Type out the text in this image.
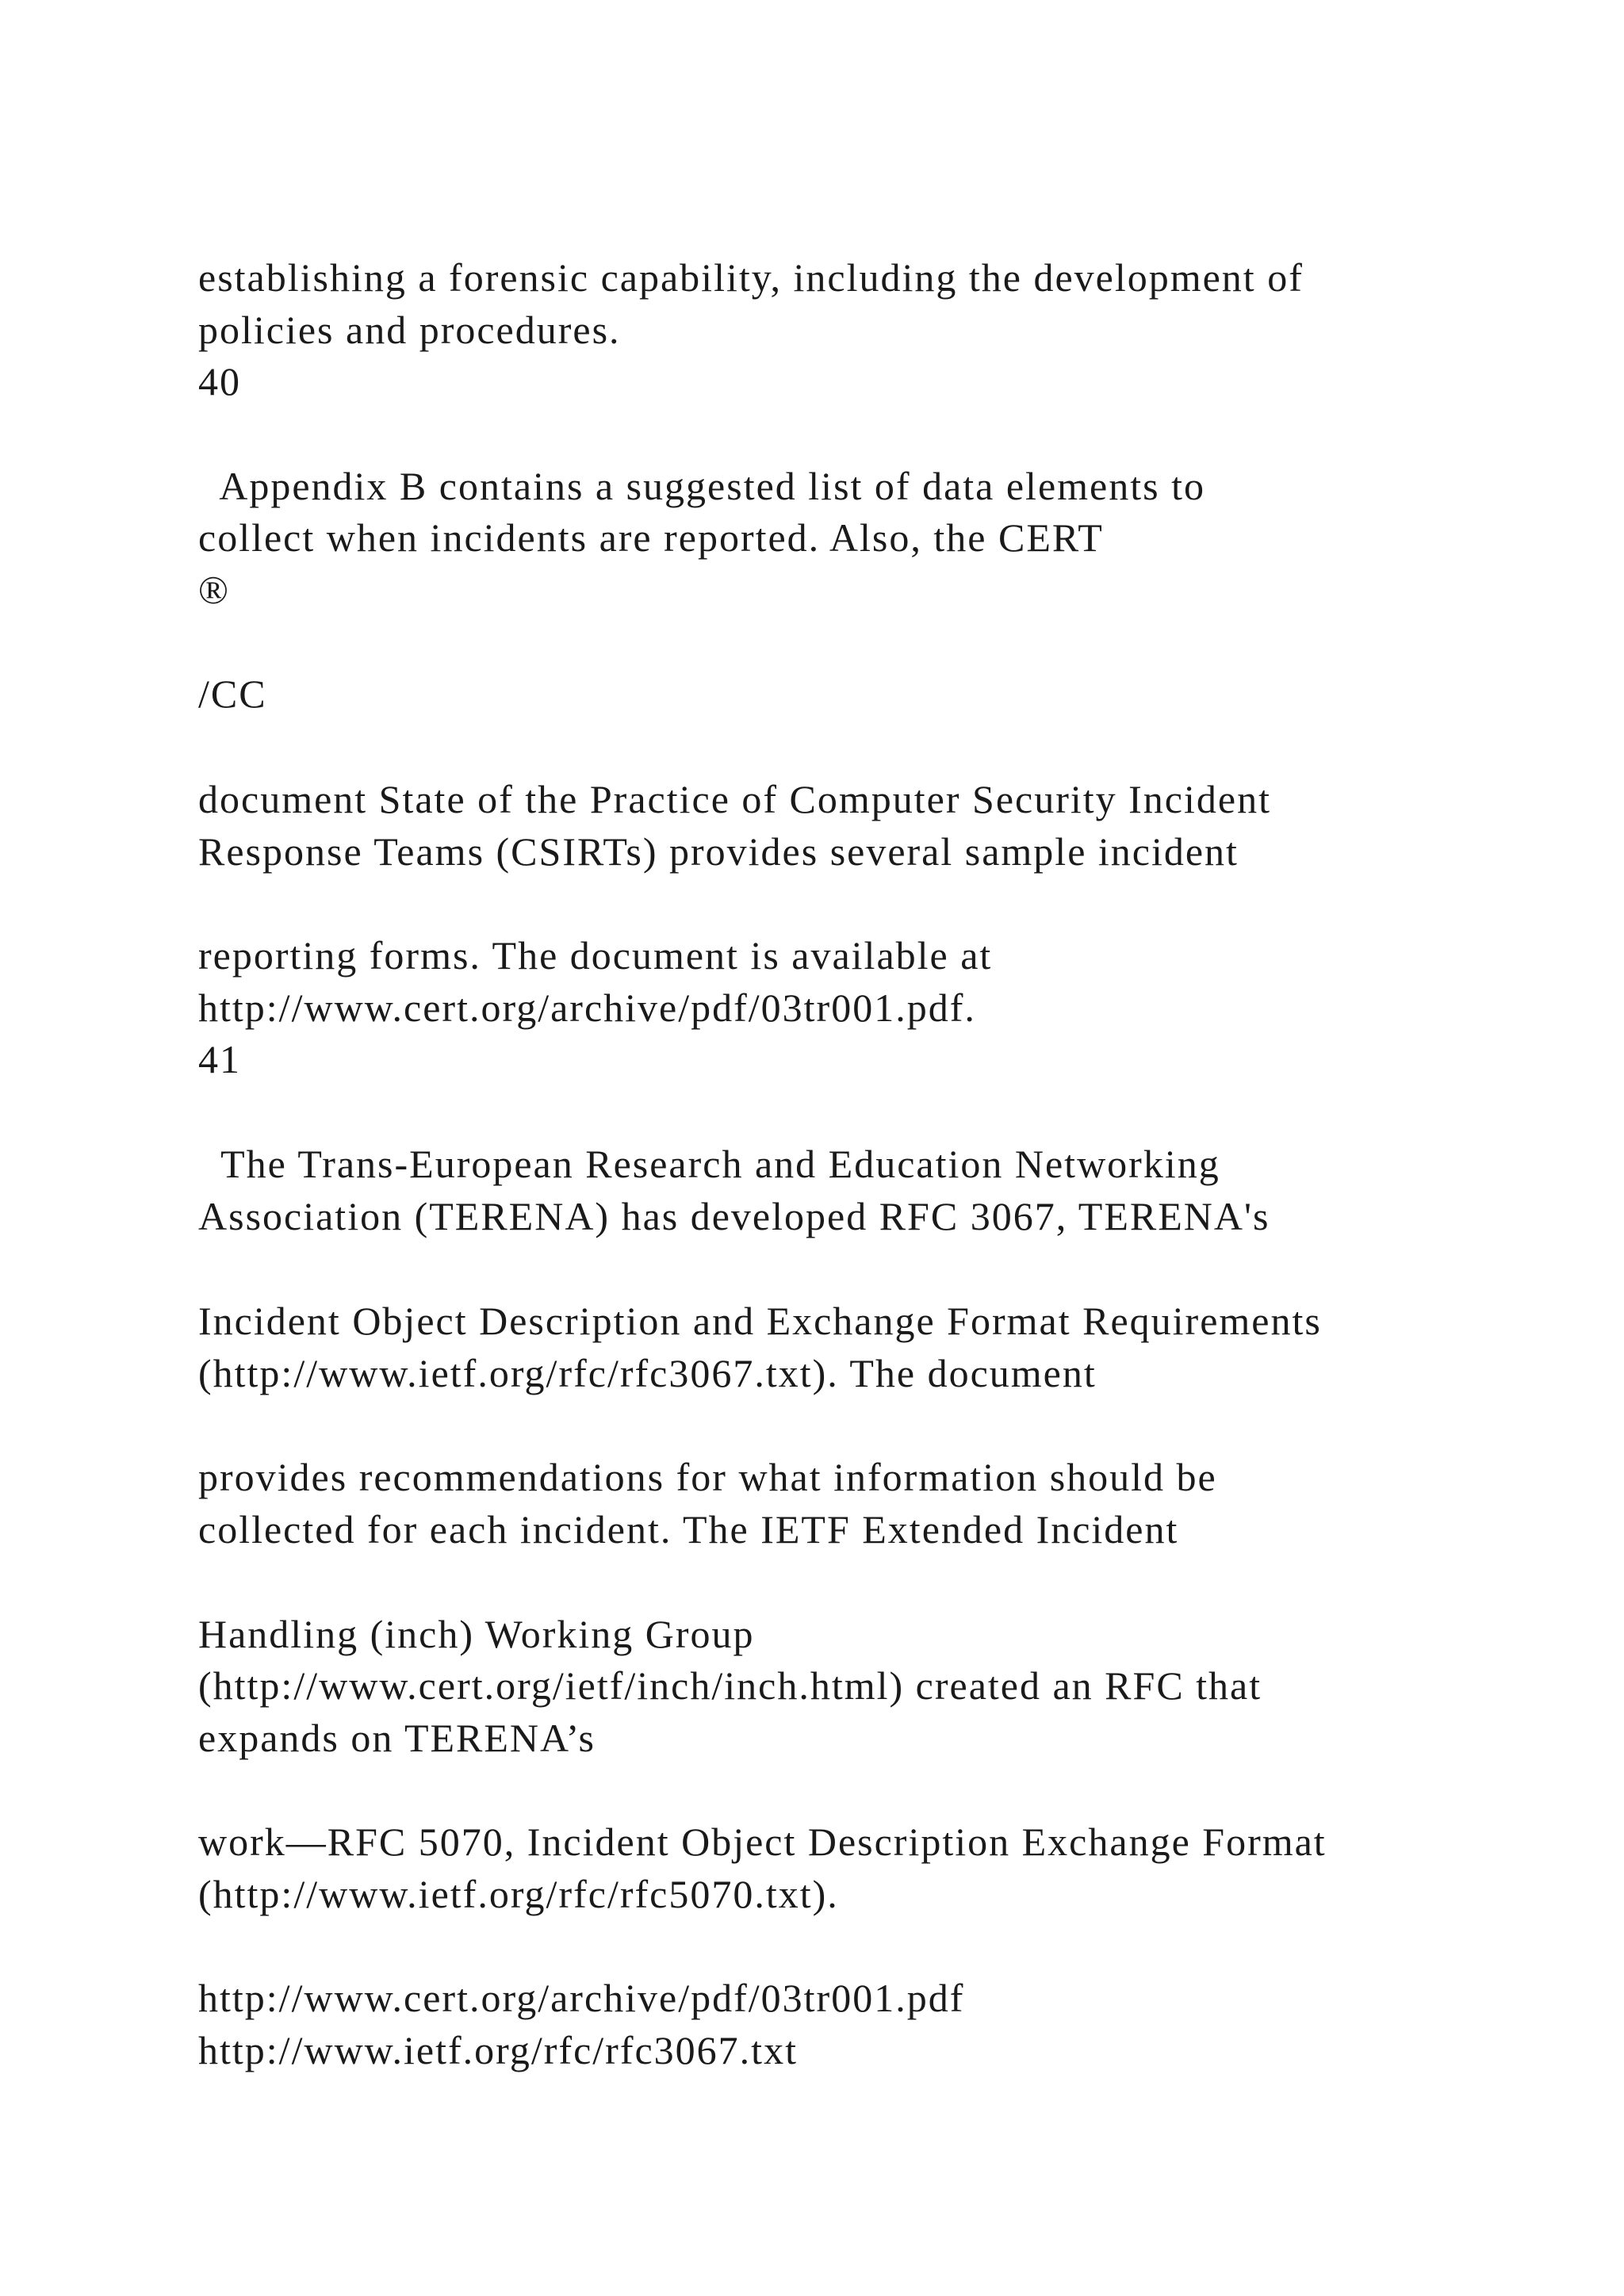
establishing a forensic capability, including the development of

policies and procedures.

40

Appendix B contains a suggested list of data elements to

collect when incidents are reported. Also, the CERT

®

/CC

document State of the Practice of Computer Security Incident

Response Teams (CSIRTs) provides several sample incident

reporting forms. The document is available at

http://www.cert.org/archive/pdf/03tr001.pdf.

41

The Trans-European Research and Education Networking

Association (TERENA) has developed RFC 3067, TERENA's

Incident Object Description and Exchange Format Requirements

(http://www.ietf.org/rfc/rfc3067.txt). The document

provides recommendations for what information should be

collected for each incident. The IETF Extended Incident

Handling (inch) Working Group

(http://www.cert.org/ietf/inch/inch.html) created an RFC that

expands on TERENA’s

work—RFC 5070, Incident Object Description Exchange Format

(http://www.ietf.org/rfc/rfc5070.txt).

http://www.cert.org/archive/pdf/03tr001.pdf

http://www.ietf.org/rfc/rfc3067.txt
